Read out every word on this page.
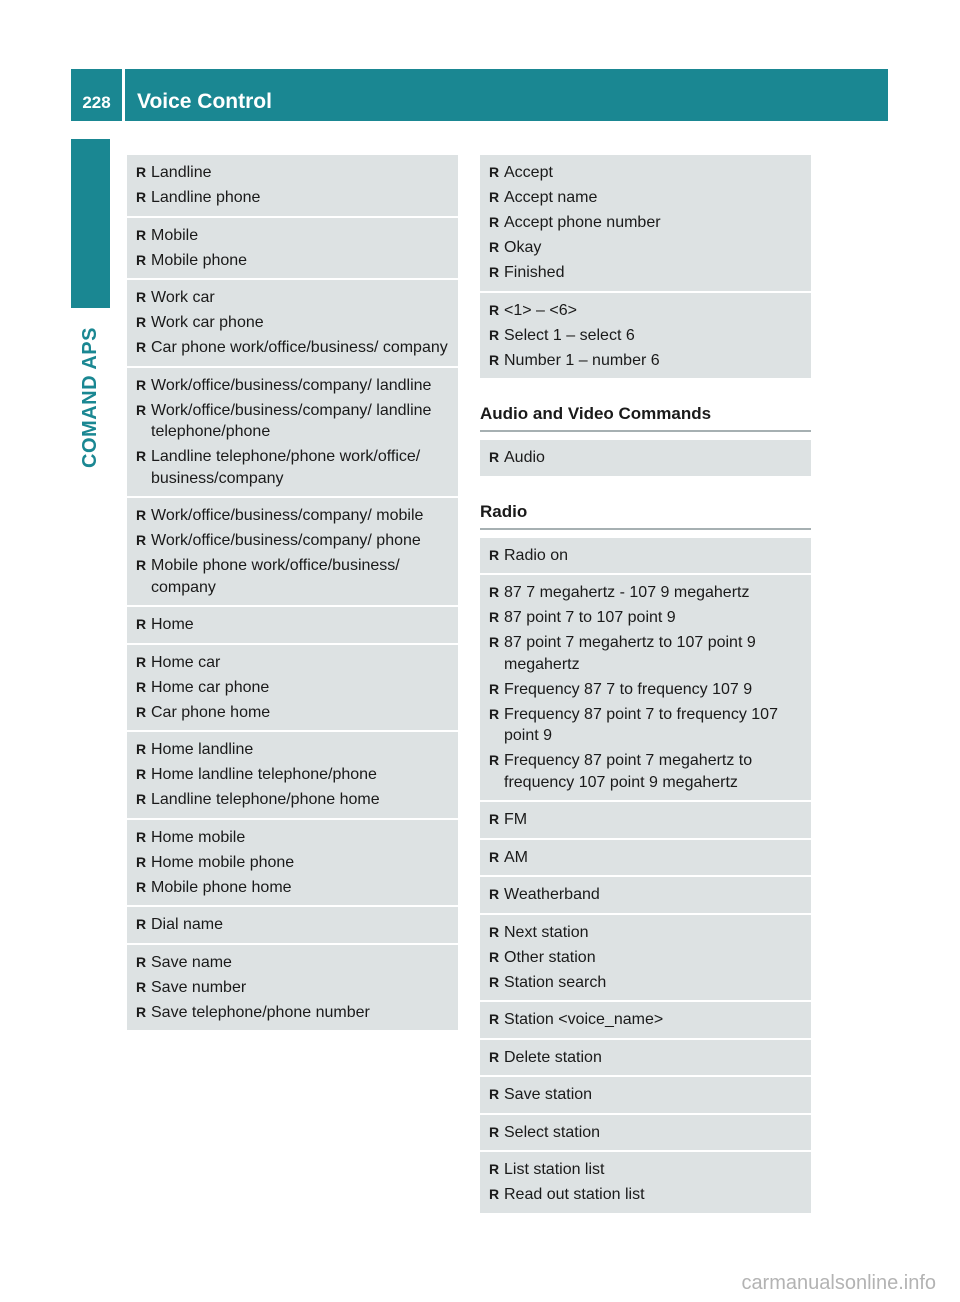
228	Voice Control
COMAND APS
R Landline
R Landline phone
R Mobile
R Mobile phone
R Work car
R Work car phone
R Car phone work/office/business/ company
R Work/office/business/company/ landline
R Work/office/business/company/ landline telephone/phone
R Landline telephone/phone work/office/ business/company
R Work/office/business/company/ mobile
R Work/office/business/company/ phone
R Mobile phone work/office/business/ company
R Home
R Home car
R Home car phone
R Car phone home
R Home landline
R Home landline telephone/phone
R Landline telephone/phone home
R Home mobile
R Home mobile phone
R Mobile phone home
R Dial name
R Save name
R Save number
R Save telephone/phone number
R Accept
R Accept name
R Accept phone number
R Okay
R Finished
R <1> – <6>
R Select 1 – select 6
R Number 1 – number 6
Audio and Video Commands
R Audio
Radio
R Radio on
R 87 7 megahertz - 107 9 megahertz
R 87 point 7 to 107 point 9
R 87 point 7 megahertz to 107 point 9 megahertz
R Frequency 87 7 to frequency 107 9
R Frequency 87 point 7 to frequency 107 point 9
R Frequency 87 point 7 megahertz to frequency 107 point 9 megahertz
R FM
R AM
R Weatherband
R Next station
R Other station
R Station search
R Station <voice_name>
R Delete station
R Save station
R Select station
R List station list
R Read out station list
carmanualsonline.info
